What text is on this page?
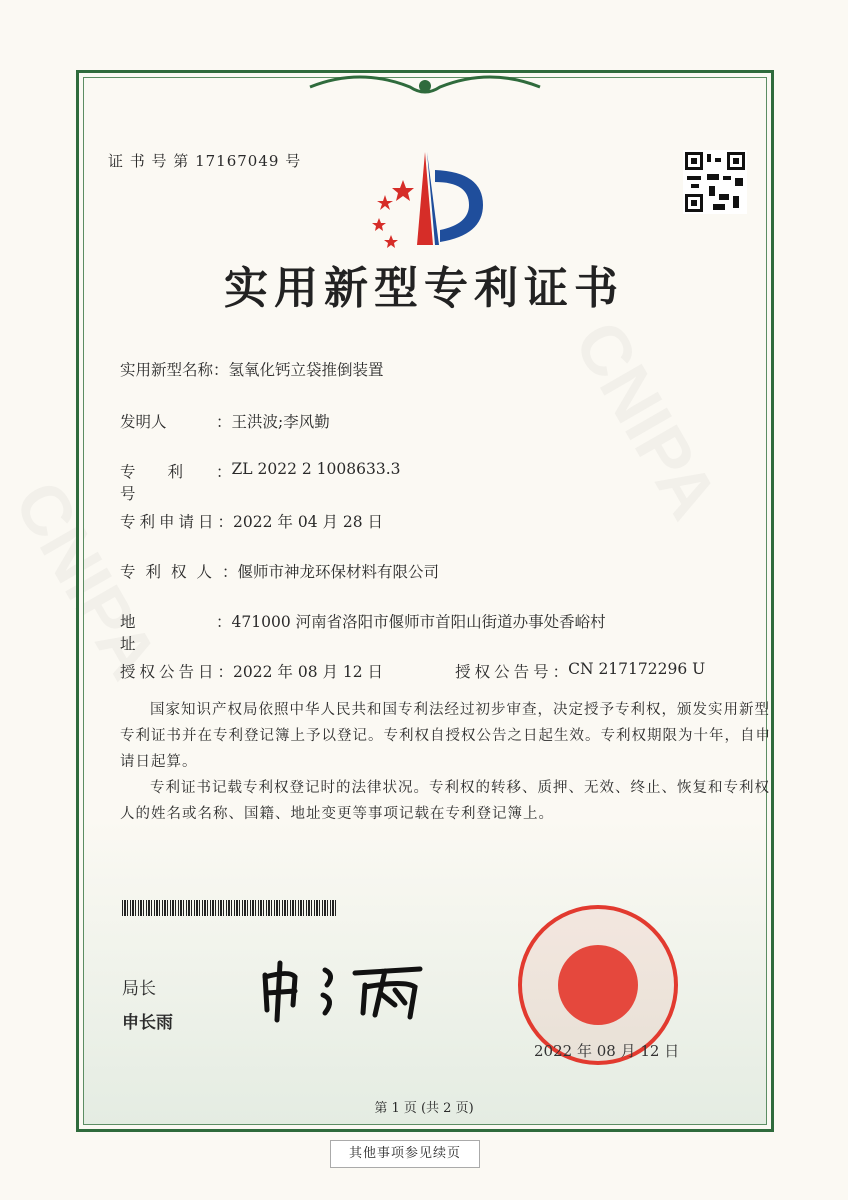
证 书 号 第 17167049 号
实用新型专利证书
实用新型名称 ： 氢氧化钙立袋推倒装置
发明人	： 王洪波;李风勤
专利号
： ZL 2022 2 1008633.3
专利申请日 ： 2022 年 04 月 28 日
专利权人 ： 偃师市神龙环保材料有限公司
地址
： 471000 河南省洛阳市偃师市首阳山街道办事处香峪村
授权公告日 ： 2022 年 08 月 12 日	授权公告号 ： CN 217172296 U

国家知识产权局依照中华人民共和国专利法经过初步审查，决定授予专利权，颁发实用新型专利证书并在专利登记簿上予以登记。专利权自授权公告之日起生效。专利权期限为十年，自申请日起算。

专利证书记载专利权登记时的法律状况。专利权的转移、质押、无效、终止、恢复和专利权人的姓名或名称、国籍、地址变更等事项记载在专利登记簿上。

局长
申长雨
2022 年 08 月 12 日
第 1 页 (共 2 页)
其他事项参见续页
